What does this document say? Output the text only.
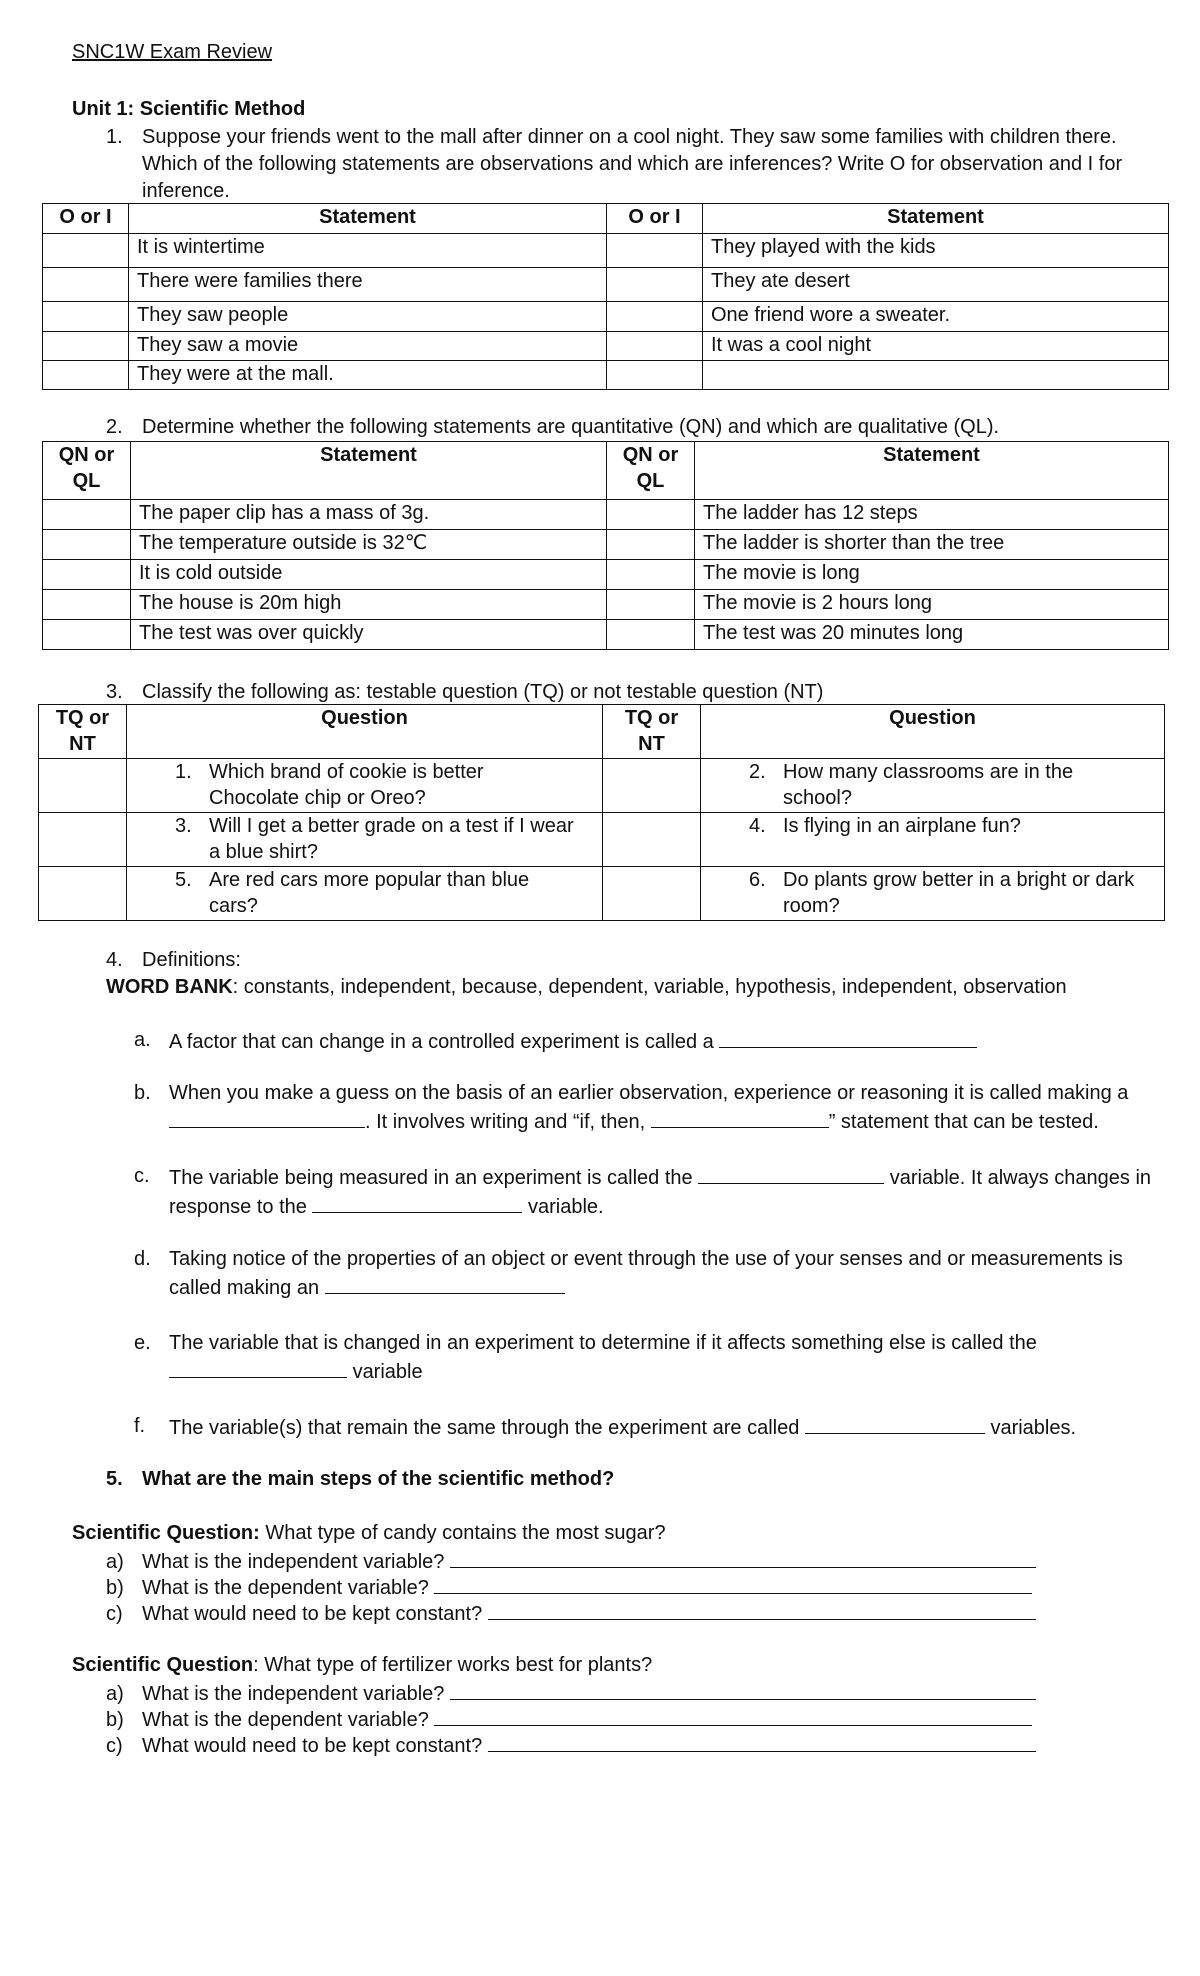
SNC1W Exam Review
Unit 1: Scientific Method
1. Suppose your friends went to the mall after dinner on a cool night. They saw some families with children there.
Which of the following statements are observations and which are inferences? Write O for observation and I for
inference.
O or I	Statement	O or I	Statement
	It is wintertime		They played with the kids
	There were families there		They ate desert
	They saw people		One friend wore a sweater.
	They saw a movie		It was a cool night
	They were at the mall.		
2. Determine whether the following statements are quantitative (QN) and which are qualitative (QL).
QN or
QL	Statement	QN or
QL	Statement
	The paper clip has a mass of 3g.		The ladder has 12 steps
	The temperature outside is 32℃		The ladder is shorter than the tree
	It is cold outside		The movie is long
	The house is 20m high		The movie is 2 hours long
	The test was over quickly		The test was 20 minutes long
3. Classify the following as: testable question (TQ) or not testable question (NT)
TQ or
NT	Question	TQ or
NT	Question

	1. Which brand of cookie is better
Chocolate chip or Oreo?		2. How many classrooms are in the
school?

	3. Will I get a better grade on a test if I wear
a blue shirt?		4. Is flying in an airplane fun?

	5. Are red cars more popular than blue
cars?		6. Do plants grow better in a bright or dark
room?
4. Definitions:
WORD BANK: constants, independent, because, dependent, variable, hypothesis, independent, observation
a. A factor that can change in a controlled experiment is called a
b. When you make a guess on the basis of an earlier observation, experience or reasoning it is called making a
. It involves writing and “if, then,	” statement that can be tested.
c. The variable being measured in an experiment is called the	variable. It always changes in
response to the	variable.
d. Taking notice of the properties of an object or event through the use of your senses and or measurements is
called making an
e. The variable that is changed in an experiment to determine if it affects something else is called the
variable
f. The variable(s) that remain the same through the experiment are called	variables.
5. What are the main steps of the scientific method?
Scientific Question: What type of candy contains the most sugar?
a) What is the independent variable?
b) What is the dependent variable?
c) What would need to be kept constant?
Scientific Question: What type of fertilizer works best for plants?
a) What is the independent variable?
b) What is the dependent variable?
c) What would need to be kept constant?
